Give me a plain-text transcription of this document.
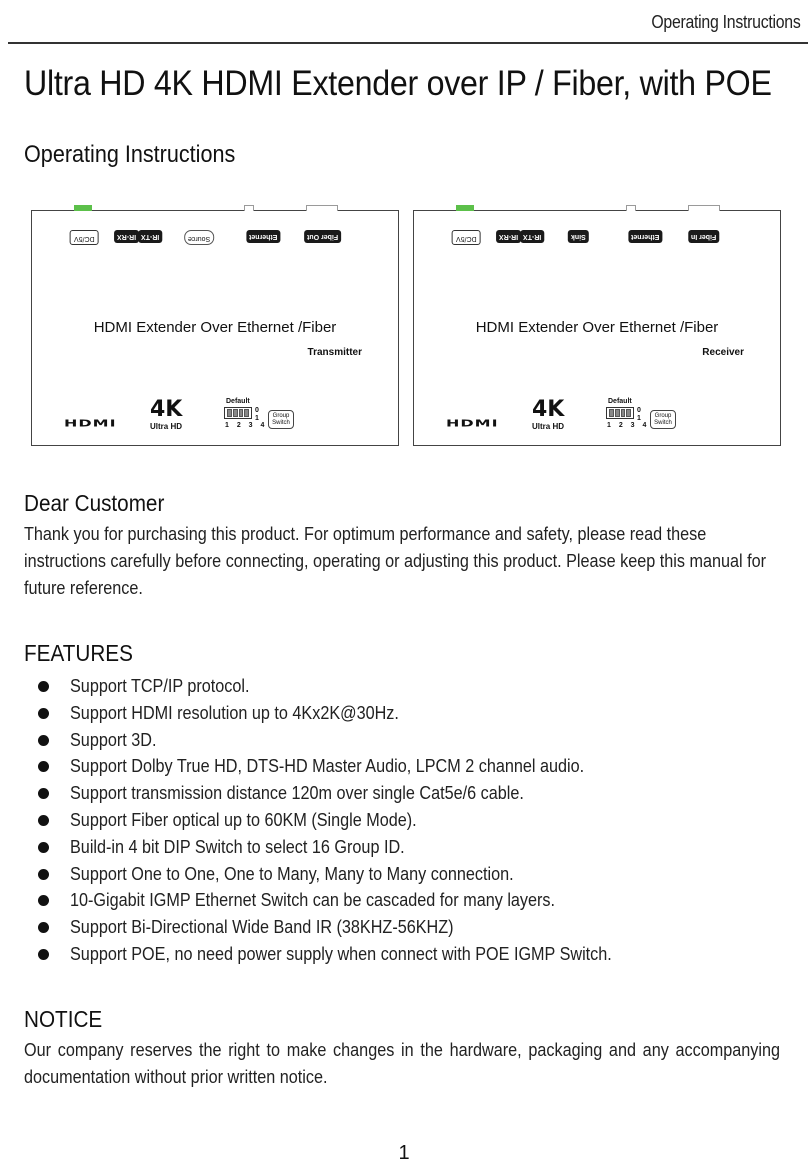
Operating Instructions
Ultra HD 4K HDMI Extender over IP / Fiber, with POE
Operating Instructions
DC/5V	IR-RX IR-TX	Source	Ethernet	Fiber Out
HDMI Extender Over Ethernet /Fiber
Transmitter
HDMI
4K
Ultra HD
Default
0
1
1 2 3 4
Group
Switch
DC/5V	IR-RX IR-TX	Sink	Ethernet	Fiber In
HDMI Extender Over Ethernet /Fiber
Receiver
HDMI
4K
Ultra HD
Default
0
1
1 2 3 4
Group
Switch
Dear Customer

Thank you for purchasing this product. For optimum performance and safety, please read these instructions carefully before connecting, operating or adjusting this product. Please keep this manual for future reference.

FEATURES
Support TCP/IP protocol.
Support HDMI resolution up to 4Kx2K@30Hz.
Support 3D.
Support Dolby True HD, DTS-HD Master Audio, LPCM 2 channel audio.
Support transmission distance 120m over single Cat5e/6 cable.
Support Fiber optical up to 60KM (Single Mode).
Build-in 4 bit DIP Switch to select 16 Group ID.
Support One to One, One to Many, Many to Many connection.
10-Gigabit IGMP Ethernet Switch can be cascaded for many layers.
Support Bi-Directional Wide Band IR (38KHZ-56KHZ)
Support POE, no need power supply when connect with POE IGMP Switch.
NOTICE

Our company reserves the right to make changes in the hardware, packaging and any accompanying documentation without prior written notice.

1
